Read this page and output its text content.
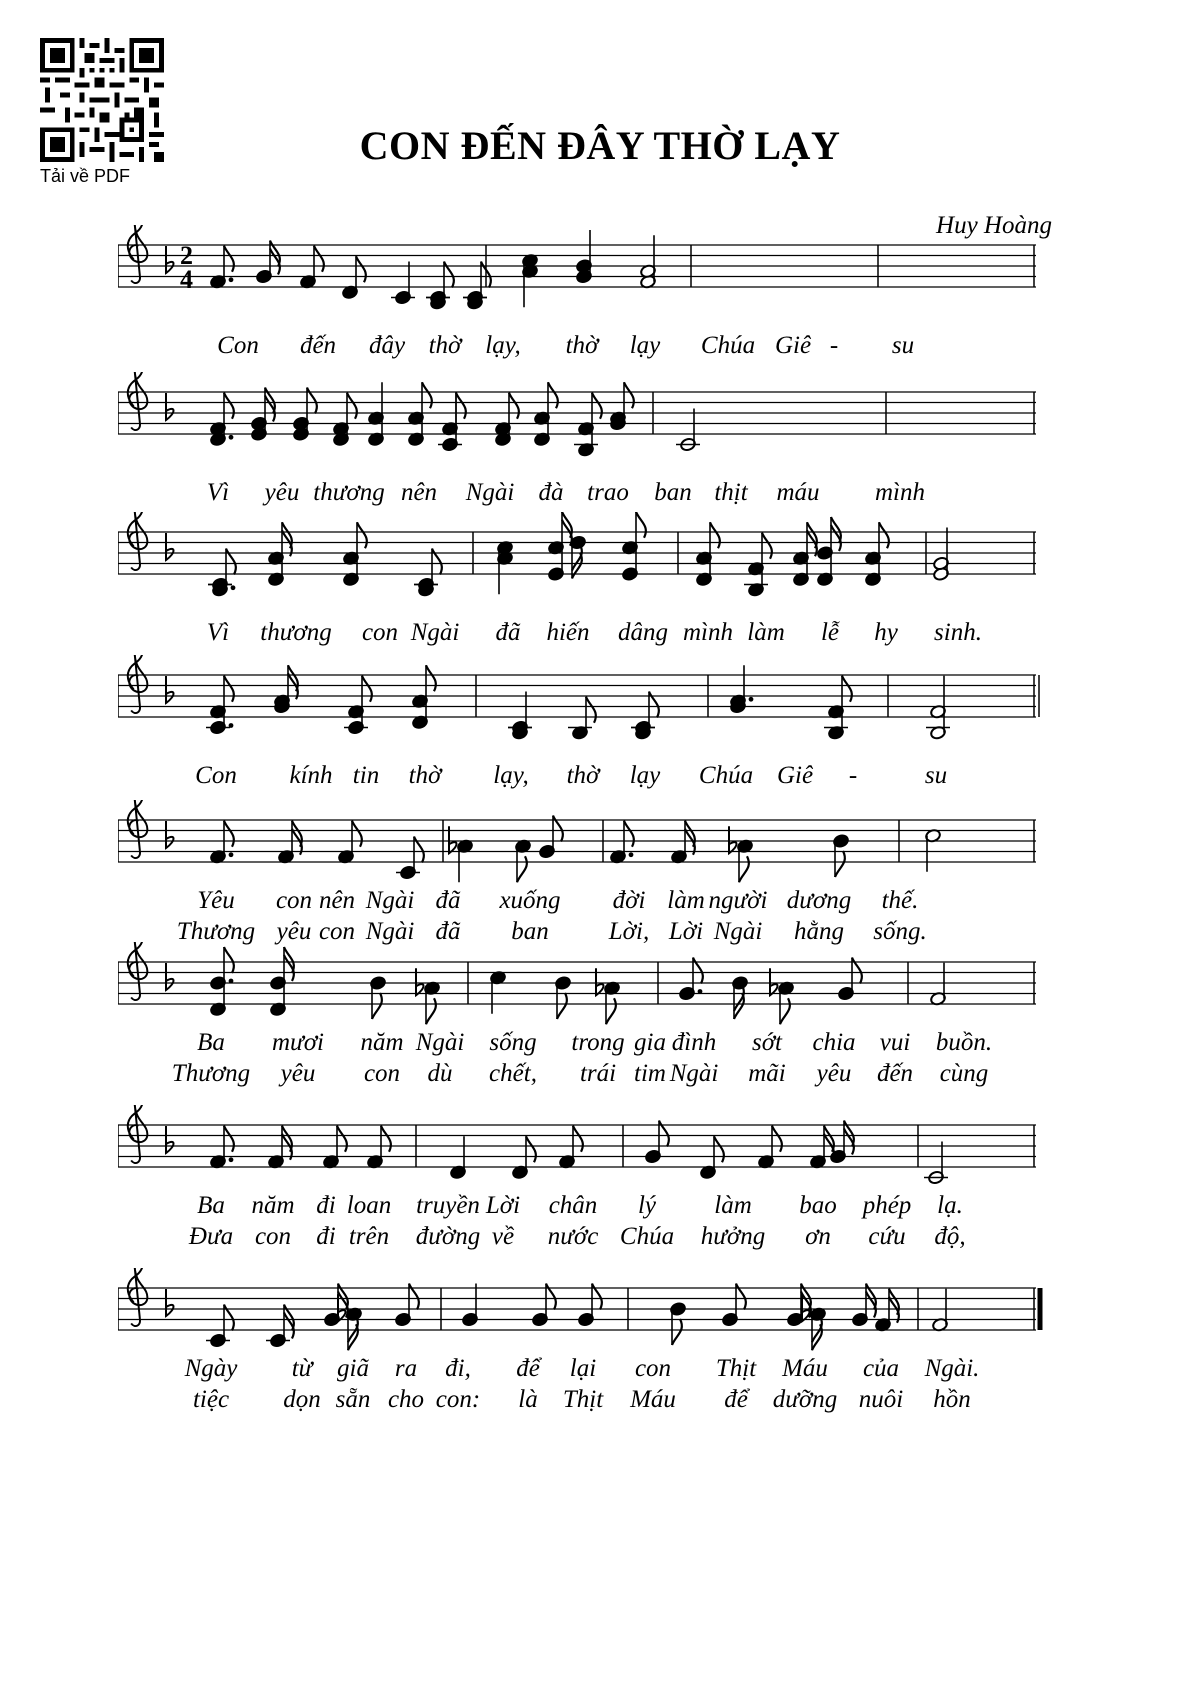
Tải về PDF
CON ĐẾN ĐÂY THỜ LẠY
Huy Hoàng
2
4
Con đến đây thờ lạy, thờ lạy Chúa Giê - su
Vì yêu thương nên Ngài đà trao ban thịt máu mình
Vì thương con Ngài đã hiến dâng mình làm lễ hy sinh.
Con kính tin thờ lạy, thờ lạy Chúa Giê -	su
Yêu con nên Ngài đã xuống đời làm người dương thế.
Thương yêu con Ngài đã ban Lời, Lời Ngài hằng sống.
Ba mươi năm Ngài sống trong gia đình sớt chia vui buồn.
Thương yêu con dù chết, trái tim Ngài mãi yêu đến cùng
Ba năm đi loan truyền Lời chân lý làm bao phép lạ.
Đưa con đi trên đường về nước Chúa hưởng ơn cứu độ,
Ngày từ giã ra đi, để lại con Thịt Máu của Ngài.
tiệc dọn sẵn cho con: là Thịt Máu để dưỡng nuôi hồn
